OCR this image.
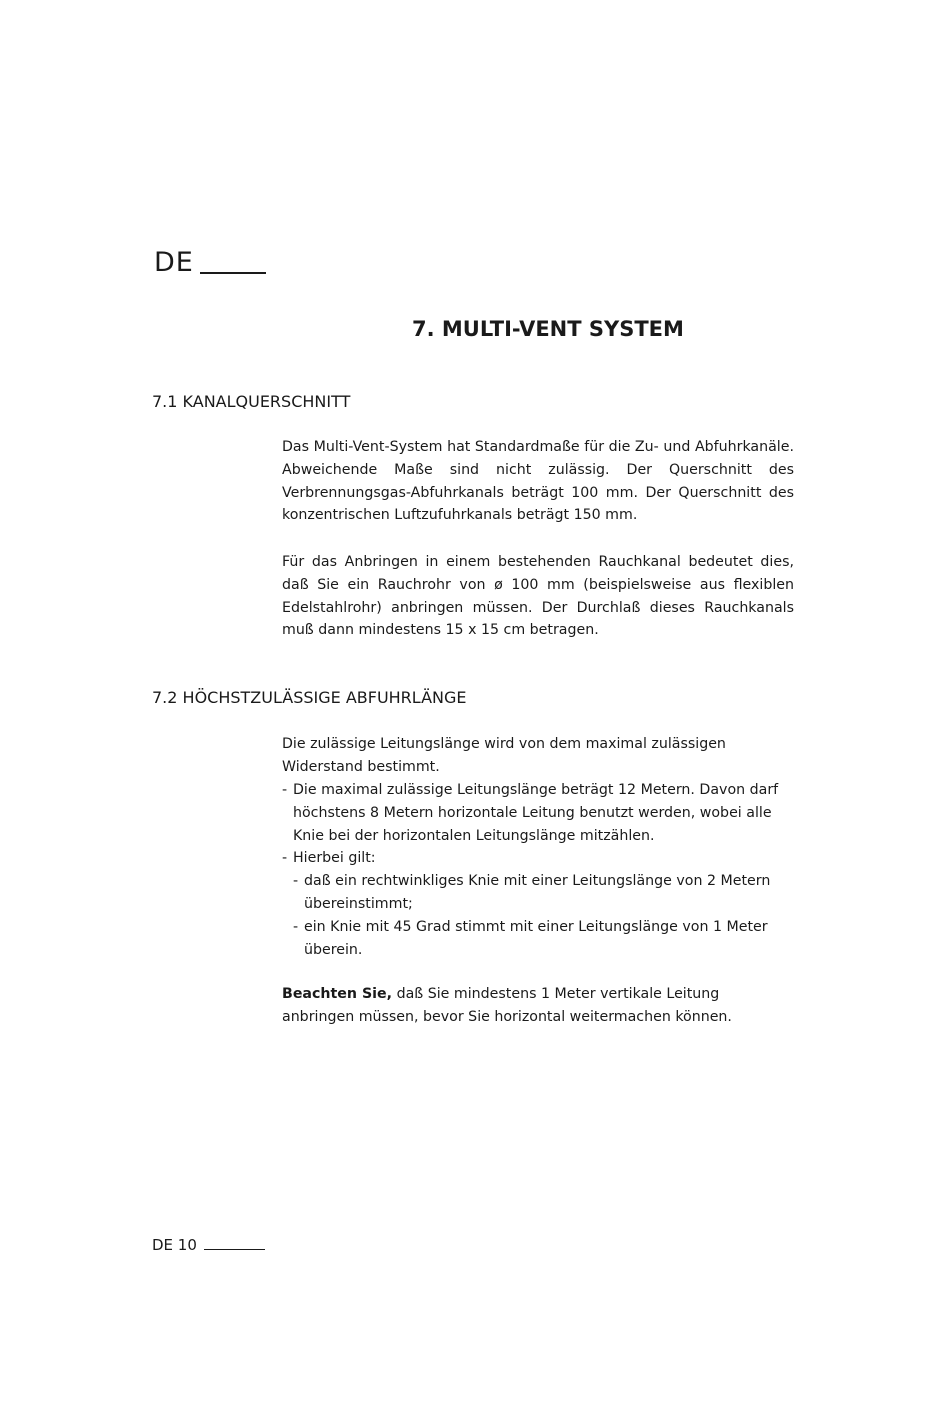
DE
7. MULTI-VENT SYSTEM
7.1 KANALQUERSCHNITT

Das Multi-Vent-System hat Standardmaße für die Zu- und Abfuhrkanäle. Abweichende Maße sind nicht zulässig. Der Querschnitt des Verbrennungsgas-Abfuhrkanals beträgt 100 mm. Der Querschnitt des konzentrischen Luftzufuhrkanals beträgt 150 mm.

Für das Anbringen in einem bestehenden Rauchkanal bedeutet dies, daß Sie ein Rauchrohr von ø 100 mm (beispielsweise aus flexiblen Edelstahlrohr) anbringen müssen. Der Durchlaß dieses Rauchkanals muß dann mindestens 15 x 15 cm betragen.

7.2 HÖCHSTZULÄSSIGE ABFUHRLÄNGE

Die zulässige Leitungslänge wird von dem maximal zulässigen Widerstand bestimmt.

- Die maximal zulässige Leitungslänge beträgt 12 Metern. Davon darf höchstens 8 Metern horizontale Leitung benutzt werden, wobei alle Knie bei der horizontalen Leitungslänge mitzählen.
- Hierbei gilt:
- daß ein rechtwinkliges Knie mit einer Leitungslänge von 2 Metern übereinstimmt;
- ein Knie mit 45 Grad stimmt mit einer Leitungslänge von 1 Meter überein.

Beachten Sie, daß Sie mindestens 1 Meter vertikale Leitung anbringen müssen, bevor Sie horizontal weitermachen können.

DE 10
